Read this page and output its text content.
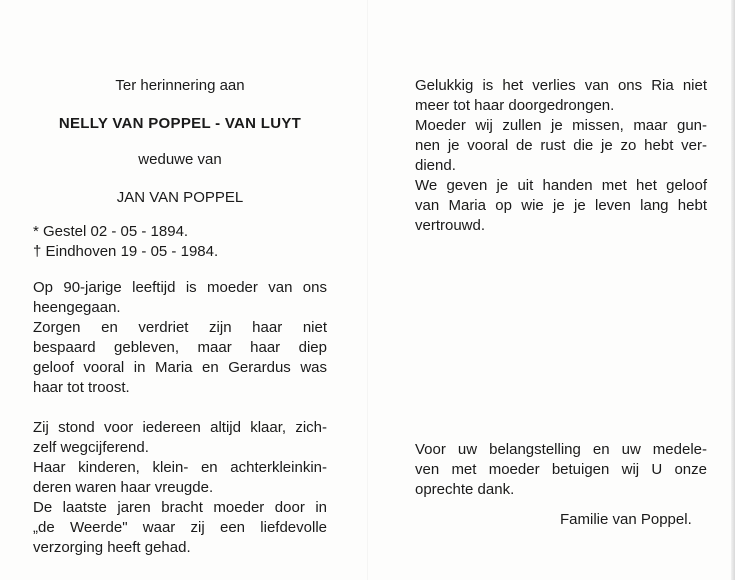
Ter herinnering aan
NELLY VAN POPPEL - VAN LUYT
weduwe van
JAN VAN POPPEL
* Gestel 02 - 05 - 1894.
† Eindhoven 19 - 05 - 1984.
Op 90-jarige leeftijd is moeder van ons
heengegaan.
Zorgen en verdriet zijn haar niet
bespaard gebleven, maar haar diep
geloof vooral in Maria en Gerardus was
haar tot troost.
Zij stond voor iedereen altijd klaar, zich-
zelf wegcijferend.
Haar kinderen, klein- en achterkleinkin-
deren waren haar vreugde.
De laatste jaren bracht moeder door in
„de Weerde" waar zij een liefdevolle
verzorging heeft gehad.
Gelukkig is het verlies van ons Ria niet
meer tot haar doorgedrongen.
Moeder wij zullen je missen, maar gun-
nen je vooral de rust die je zo hebt ver-
diend.
We geven je uit handen met het geloof
van Maria op wie je je leven lang hebt
vertrouwd.
Voor uw belangstelling en uw medele-
ven met moeder betuigen wij U onze
oprechte dank.
Familie van Poppel.
